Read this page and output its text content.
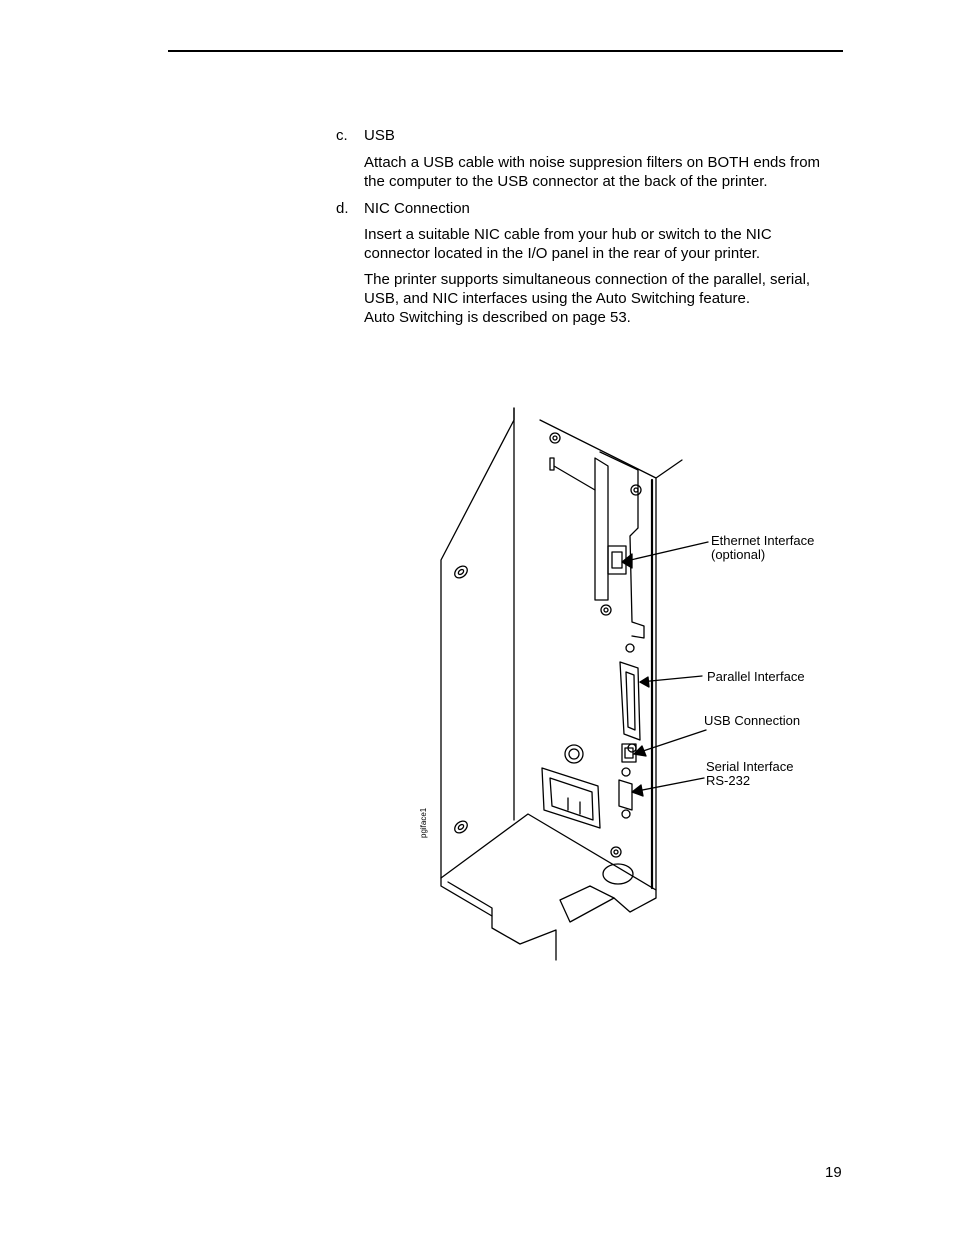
c.	USB
Attach a USB cable with noise suppresion filters on BOTH ends from
the computer to the USB connector at the back of the printer.
d.	NIC Connection
Insert a suitable NIC cable from your hub or switch to the NIC
connector located in the I/O panel in the rear of your printer.
The printer supports simultaneous connection of the parallel, serial,
USB, and NIC interfaces using the Auto Switching feature.
Auto Switching is described on page 53.
Ethernet Interface
(optional)
Parallel Interface
USB Connection
Serial Interface
RS-232
pgiface1
19
